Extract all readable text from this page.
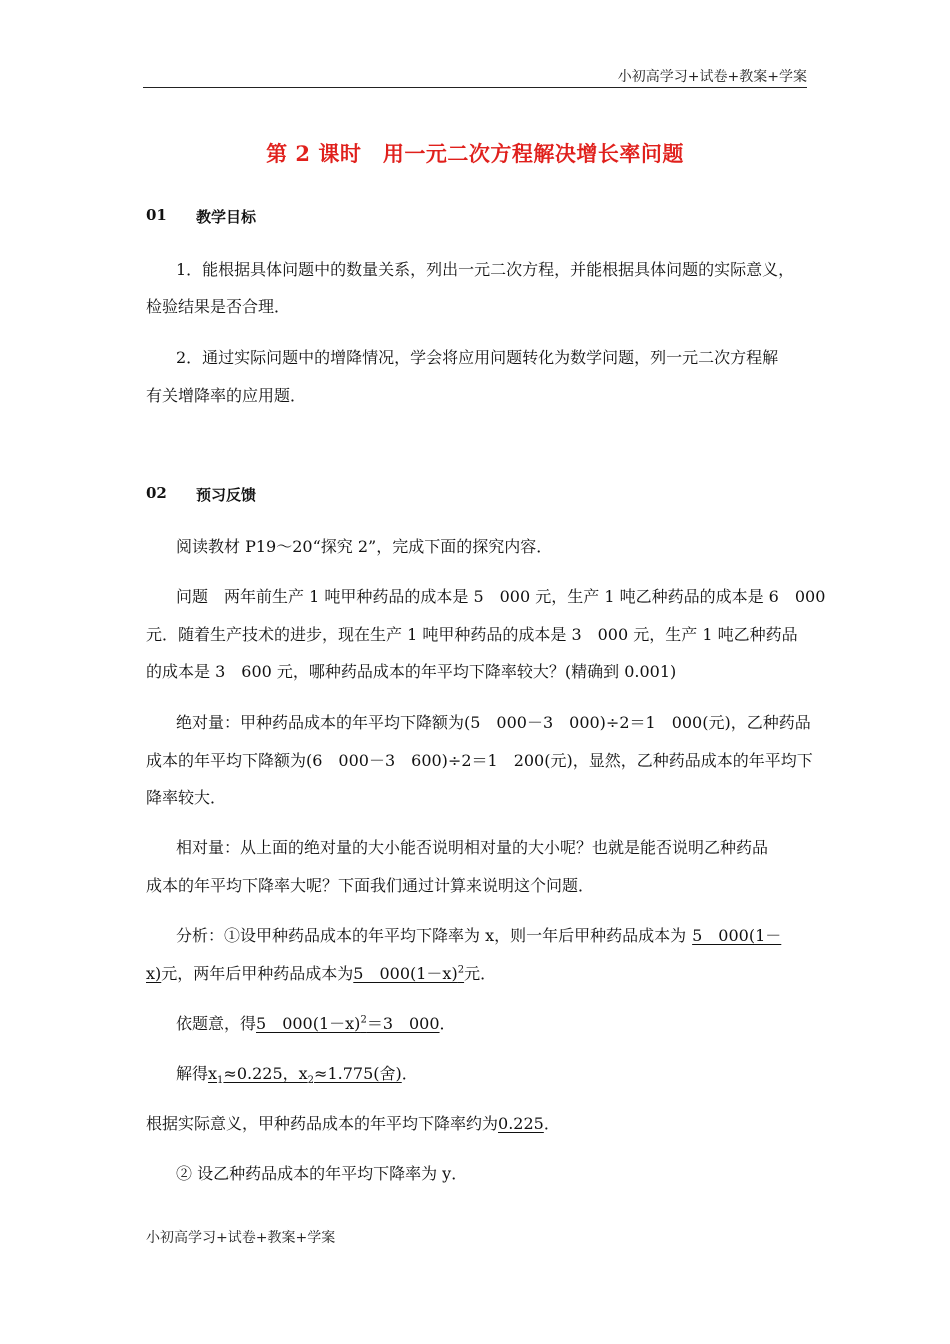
小初高学习+试卷+教案+学案
第 2 课时　用一元二次方程解决增长率问题
01 教学目标
1．能根据具体问题中的数量关系，列出一元二次方程，并能根据具体问题的实际意义，
检验结果是否合理．
2．通过实际问题中的增降情况，学会将应用问题转化为数学问题，列一元二次方程解
有关增降率的应用题．
02 预习反馈
阅读教材 P19～20“探究 2”，完成下面的探究内容．
问题　两年前生产 1 吨甲种药品的成本是 5　000 元，生产 1 吨乙种药品的成本是 6　000
元．随着生产技术的进步，现在生产 1 吨甲种药品的成本是 3　000 元，生产 1 吨乙种药品
的成本是 3　600 元，哪种药品成本的年平均下降率较大？(精确到 0.001)
绝对量：甲种药品成本的年平均下降额为(5　000－3　000)÷2＝1　000(元)，乙种药品
成本的年平均下降额为(6　000－3　600)÷2＝1　200(元)，显然，乙种药品成本的年平均下
降率较大．
相对量：从上面的绝对量的大小能否说明相对量的大小呢？也就是能否说明乙种药品
成本的年平均下降率大呢？下面我们通过计算来说明这个问题．
分析：①设甲种药品成本的年平均下降率为 x，则一年后甲种药品成本为 5　000(1－
x)元，两年后甲种药品成本为5　$000(1-x)^2$元．
依题意，得5　$000(1-x)^2=3$　000．
解得$x_1\approx 0.225$，$x_2\approx 1.775$(舍)．
根据实际意义，甲种药品成本的年平均下降率约为0.225．
② 设乙种药品成本的年平均下降率为 y．
小初高学习+试卷+教案+学案
